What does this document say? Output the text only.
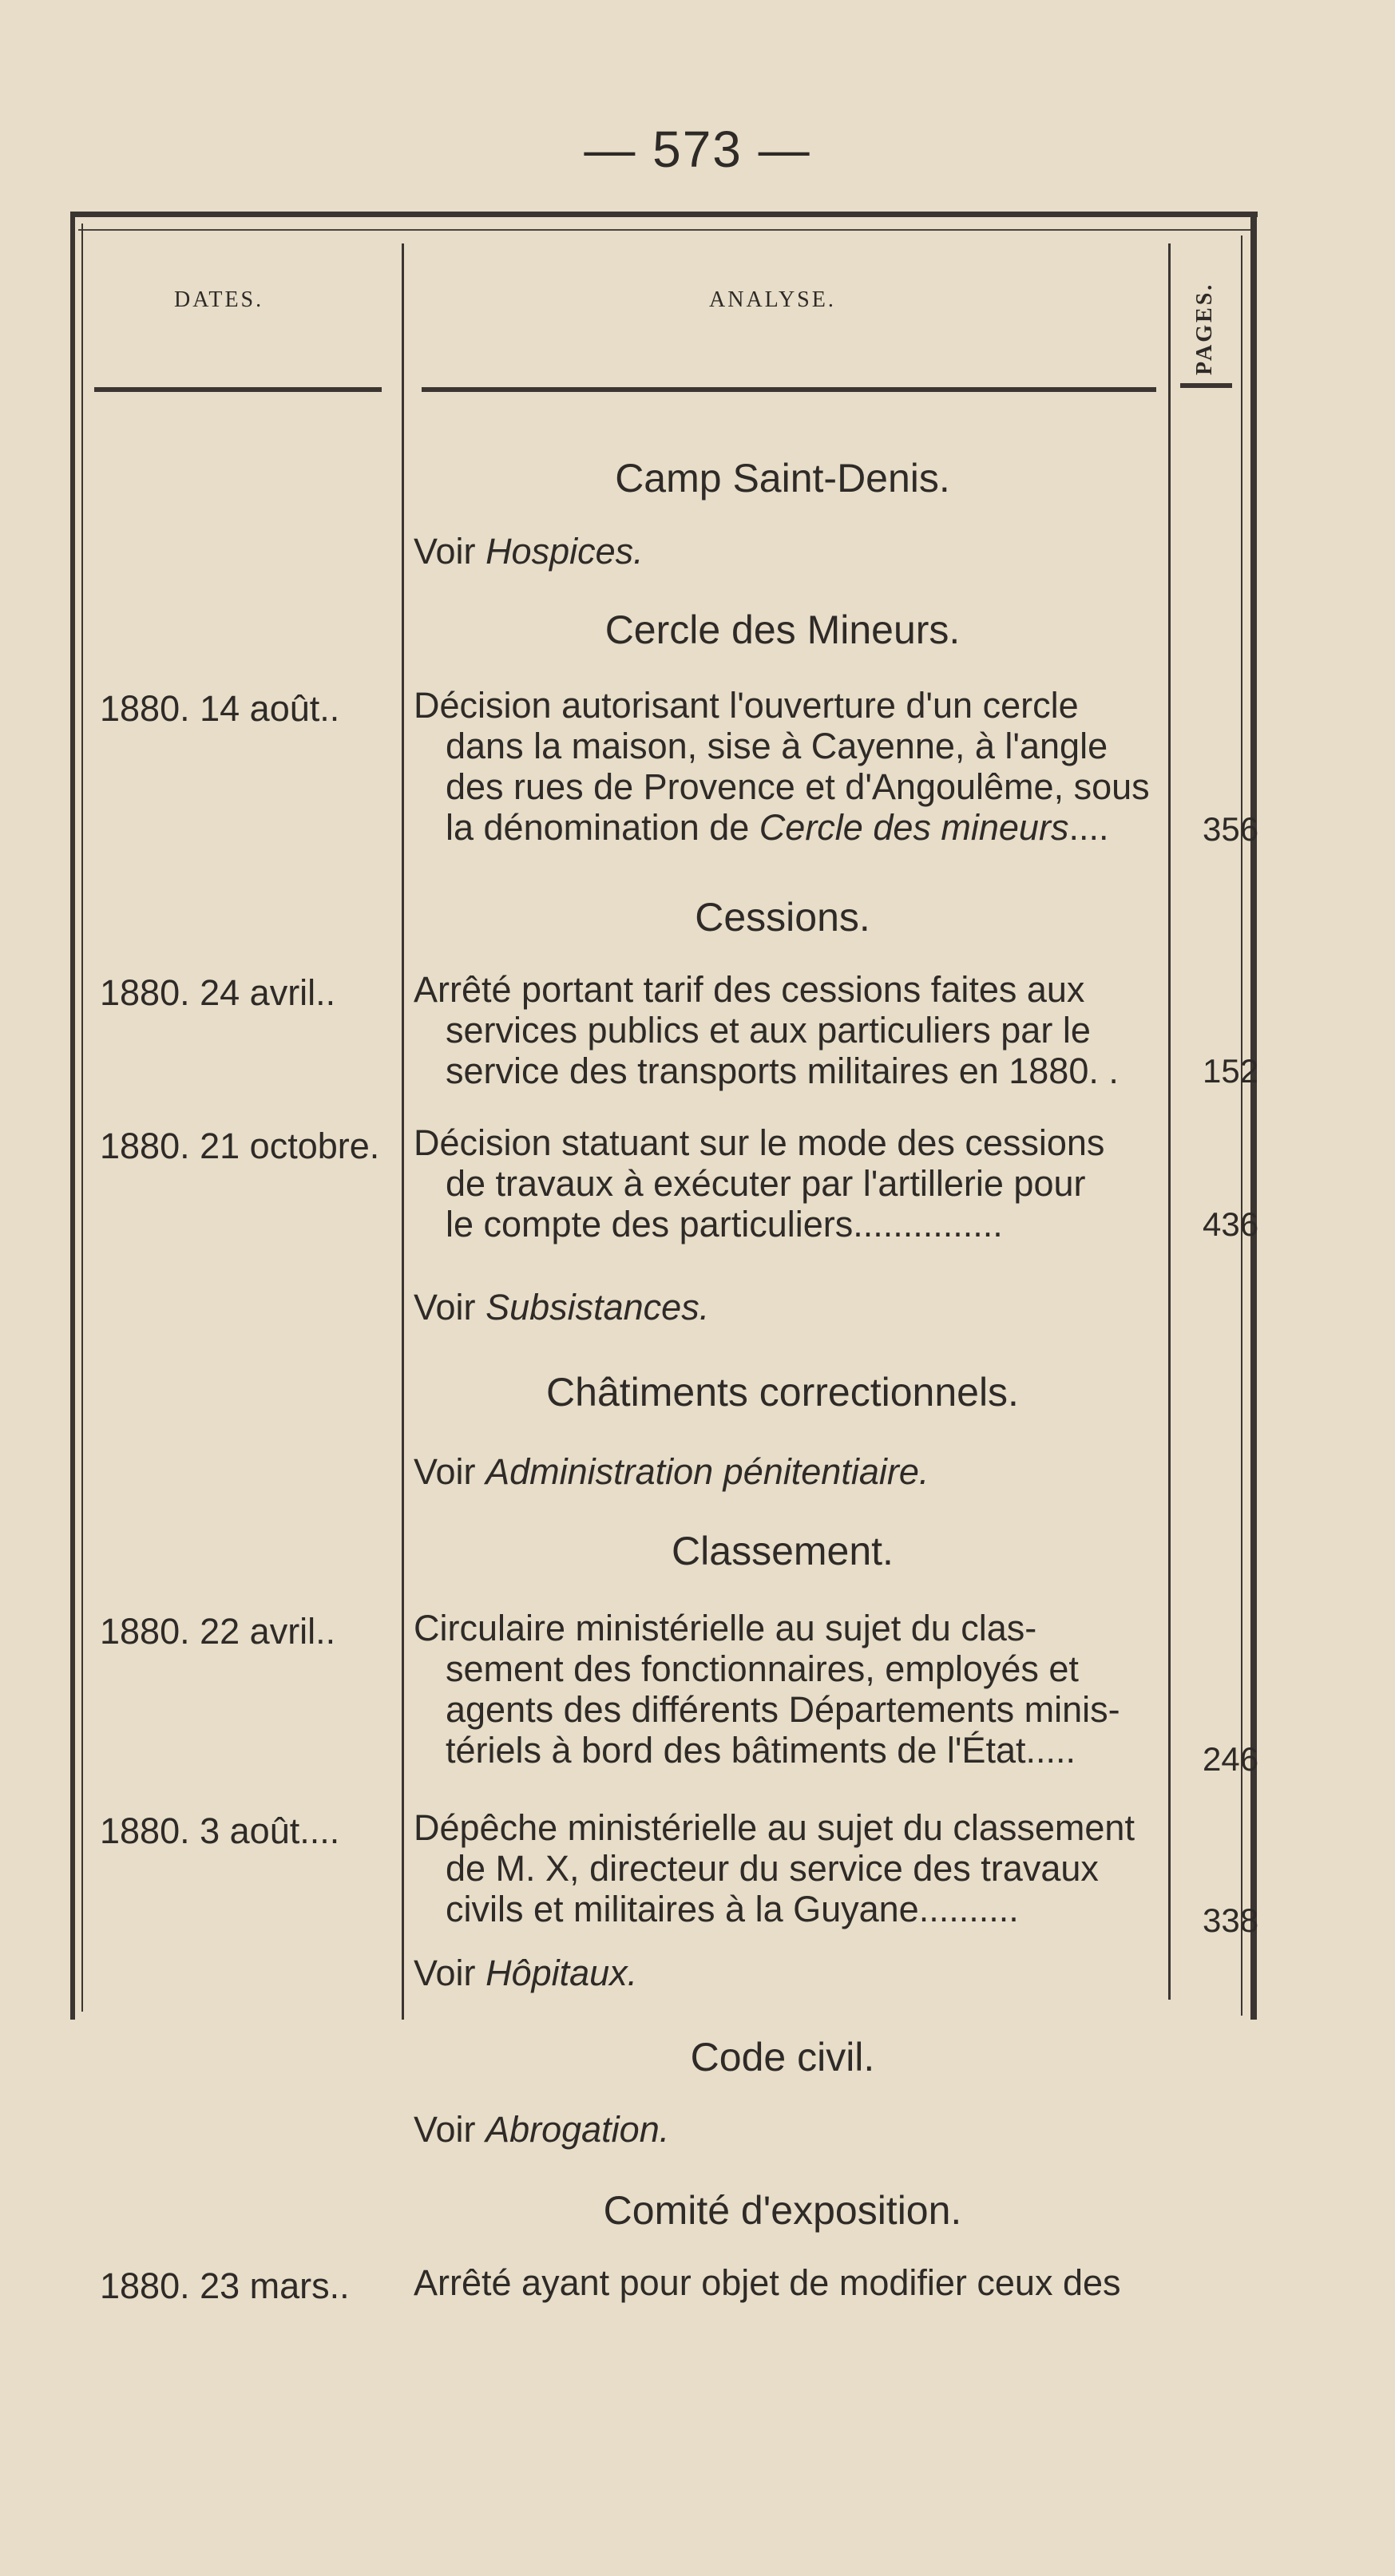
— 573 —
DATES.	ANALYSE.	PAGES.
Camp Saint-Denis.
Voir Hospices.
Cercle des Mineurs.
1880. 14 août.. Décision autorisant l'ouverture d'un cercle
dans la maison, sise à Cayenne, à l'angle
des rues de Provence et d'Angoulême, sous
la dénomination de Cercle des mineurs....	356
Cessions.
1880. 24 avril.. Arrêté portant tarif des cessions faites aux
services publics et aux particuliers par le
service des transports militaires en 1880. .	152
1880. 21 octobre. Décision statuant sur le mode des cessions
de travaux à exécuter par l'artillerie pour
le compte des particuliers...............	436
Voir Subsistances.
Châtiments correctionnels.
Voir Administration pénitentiaire.
Classement.
1880. 22 avril.. Circulaire ministérielle au sujet du clas-
sement des fonctionnaires, employés et
agents des différents Départements minis-
tériels à bord des bâtiments de l'État.....	246
1880. 3 août.... Dépêche ministérielle au sujet du classement
de M. X, directeur du service des travaux
civils et militaires à la Guyane..........	338
Voir Hôpitaux.
Code civil.
Voir Abrogation.
Comité d'exposition.
1880. 23 mars.. Arrêté ayant pour objet de modifier ceux des
